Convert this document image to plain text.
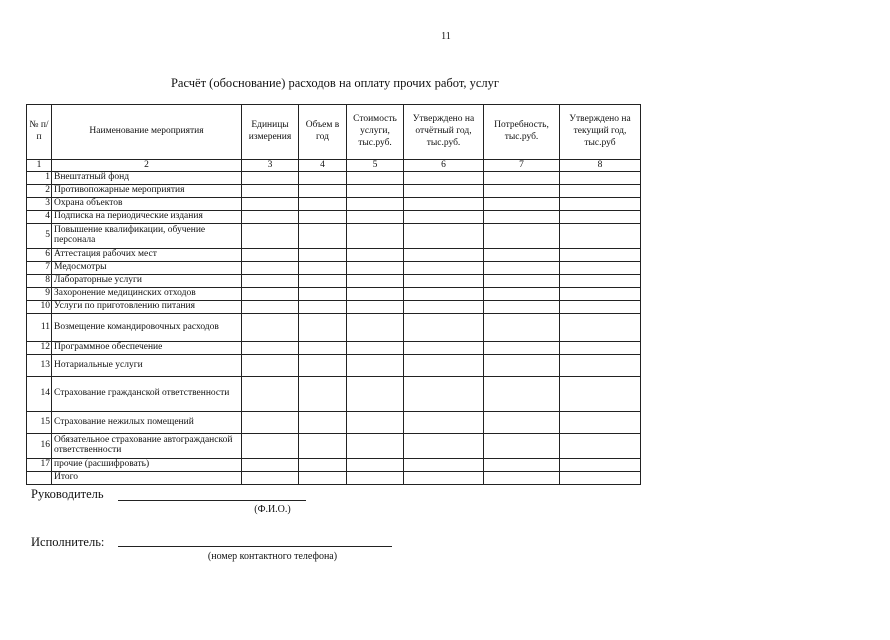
11
Расчёт (обоснование) расходов на оплату прочих работ, услуг
№ п/п	Наименование мероприятия	Единицы измерения	Объем в год	Стоимость услуги, тыс.руб.	Утверждено на отчётный год, тыс.руб.	Потребность, тыс.руб.	Утверждено на текущий год, тыс.руб
1	2	3	4	5	6	7	8
1	Внештатный фонд						
2	Противопожарные мероприятия						
3	Охрана объектов						
4	Подписка на периодические издания						
5	Повышение квалификации, обучение персонала						
6	Аттестация рабочих мест						
7	Медосмотры						
8	Лабораторные услуги						
9	Захоронение медицинских отходов						
10	Услуги по приготовлению питания						
11	Возмещение командировочных расходов						
12	Программное обеспечение						
13	Нотариальные услуги						
14	Страхование гражданской ответственности						
15	Страхование нежилых помещений						
16	Обязательное страхование автогражданской ответственности						
17	прочие (расшифровать)						
	Итого						
Руководитель
(Ф.И.О.)
Исполнитель:
(номер контактного телефона)
